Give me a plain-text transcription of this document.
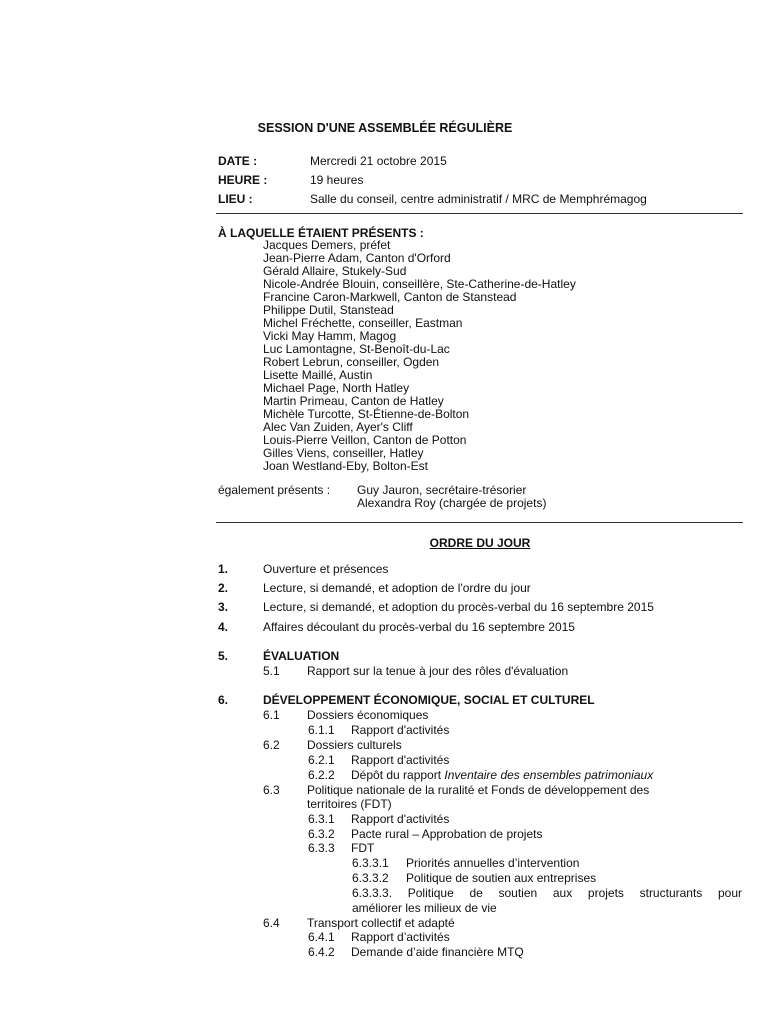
SESSION D'UNE ASSEMBLÉE RÉGULIÈRE
DATE :	Mercredi 21 octobre 2015
HEURE :	19 heures
LIEU :	Salle du conseil, centre administratif / MRC de Memphrémagog
À LAQUELLE ÉTAIENT PRÉSENTS :
Jacques Demers, préfet
Jean-Pierre Adam, Canton d'Orford
Gérald Allaire, Stukely-Sud
Nicole-Andrée Blouin, conseillère, Ste-Catherine-de-Hatley
Francine Caron-Markwell, Canton de Stanstead
Philippe Dutil, Stanstead
Michel Fréchette, conseiller, Eastman
Vicki May Hamm, Magog
Luc Lamontagne, St-Benoît-du-Lac
Robert Lebrun, conseiller, Ogden
Lisette Maillé, Austin
Michael Page, North Hatley
Martin Primeau, Canton de Hatley
Michèle Turcotte, St-Étienne-de-Bolton
Alec Van Zuiden, Ayer's Cliff
Louis-Pierre Veillon, Canton de Potton
Gilles Viens, conseiller, Hatley
Joan Westland-Eby, Bolton-Est
également présents : Guy Jauron, secrétaire-trésorier
Alexandra Roy (chargée de projets)
ORDRE DU JOUR
1.	Ouverture et présences
2.	Lecture, si demandé, et adoption de l'ordre du jour
3.	Lecture, si demandé, et adoption du procès-verbal du 16 septembre 2015
4.	Affaires découlant du procès-verbal du 16 septembre 2015
5.	ÉVALUATION
5.1 Rapport sur la tenue à jour des rôles d'évaluation
6.	DÉVELOPPEMENT ÉCONOMIQUE, SOCIAL ET CULTUREL
6.1 Dossiers économiques
6.1.1 Rapport d'activités
6.2 Dossiers culturels
6.2.1 Rapport d'activités
6.2.2 Dépôt du rapport Inventaire des ensembles patrimoniaux
6.3 Politique nationale de la ruralité et Fonds de développement des
territoires (FDT)
6.3.1 Rapport d'activités
6.3.2 Pacte rural – Approbation de projets
6.3.3 FDT
6.3.3.1 Priorités annuelles d’intervention
6.3.3.2 Politique de soutien aux entreprises
6.3.3.3. Politique de soutien aux projets structurants pour
améliorer les milieux de vie
6.4 Transport collectif et adapté
6.4.1 Rapport d’activités
6.4.2 Demande d’aide financière MTQ
